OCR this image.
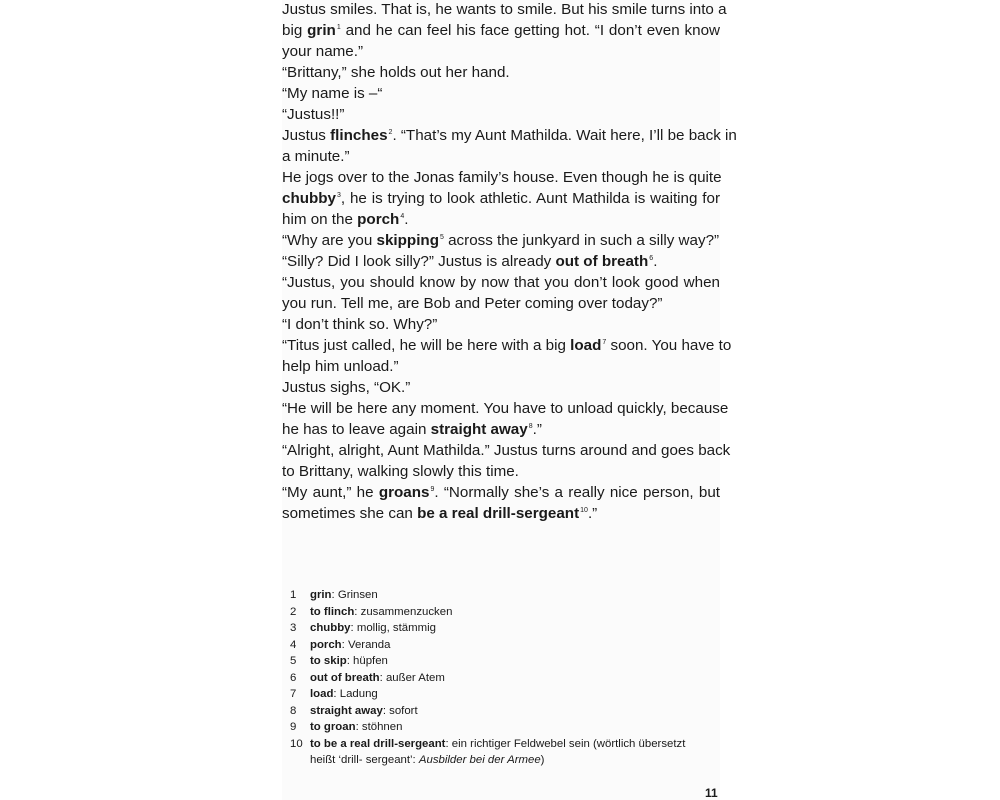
Justus smiles. That is, he wants to smile. But his smile turns into a
big grin$^1$ and he can feel his face getting hot. “I don’t even know
your name.”
“Brittany,” she holds out her hand.
“My name is –“
“Justus!!”
Justus flinches$^2$. “That’s my Aunt Mathilda. Wait here, I’ll be back in
a minute.”
He jogs over to the Jonas family’s house. Even though he is quite
chubby$^3$, he is trying to look athletic. Aunt Mathilda is waiting for
him on the porch$^4$.
“Why are you skipping$^5$ across the junkyard in such a silly way?”
“Silly? Did I look silly?” Justus is already out of breath$^6$.
“Justus, you should know by now that you don’t look good when
you run. Tell me, are Bob and Peter coming over today?”
“I don’t think so. Why?”
“Titus just called, he will be here with a big load$^7$ soon. You have to
help him unload.”
Justus sighs, “OK.”
“He will be here any moment. You have to unload quickly, because
he has to leave again straight away$^8$.”
“Alright, alright, Aunt Mathilda.” Justus turns around and goes back
to Brittany, walking slowly this time.
“My aunt,” he groans$^9$. “Normally she’s a really nice person, but
sometimes she can be a real drill-sergeant$^{10}$.”
1	grin: Grinsen
2	to flinch: zusammenzucken
3	chubby: mollig, stämmig
4	porch: Veranda
5	to skip: hüpfen
6	out of breath: außer Atem
7	load: Ladung
8	straight away: sofort
9	to groan: stöhnen
10 to be a real drill-sergeant: ein richtiger Feldwebel sein (wörtlich übersetzt
heißt ‘drill- sergeant’: Ausbilder bei der Armee)
11
